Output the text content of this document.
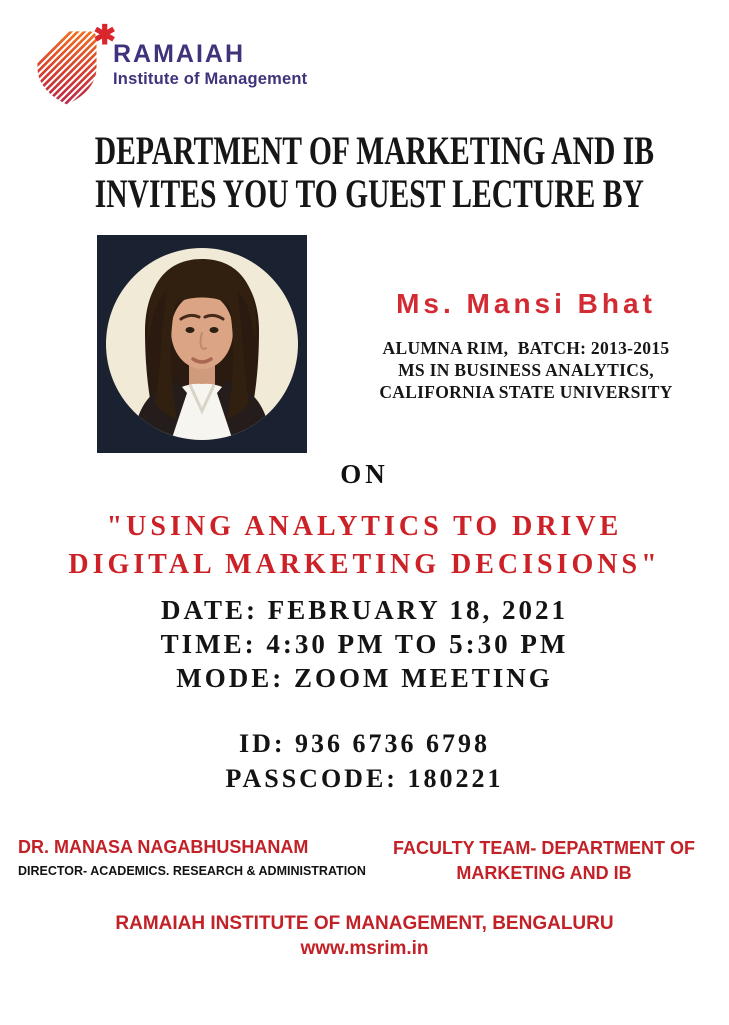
✱
RAMAIAH
Institute of Management
DEPARTMENT OF MARKETING AND IB
INVITES YOU TO GUEST LECTURE BY
Ms. Mansi Bhat
ALUMNA RIM,  BATCH: 2013-2015
MS IN BUSINESS ANALYTICS,
CALIFORNIA STATE UNIVERSITY
ON
"USING ANALYTICS TO DRIVE
DIGITAL MARKETING DECISIONS"
DATE: FEBRUARY 18, 2021
TIME: 4:30 PM TO 5:30 PM
MODE: ZOOM MEETING
ID: 936 6736 6798
PASSCODE: 180221
DR. MANASA NAGABHUSHANAM
DIRECTOR- ACADEMICS. RESEARCH & ADMINISTRATION
FACULTY TEAM- DEPARTMENT OF
MARKETING AND IB
RAMAIAH INSTITUTE OF MANAGEMENT, BENGALURU
www.msrim.in
